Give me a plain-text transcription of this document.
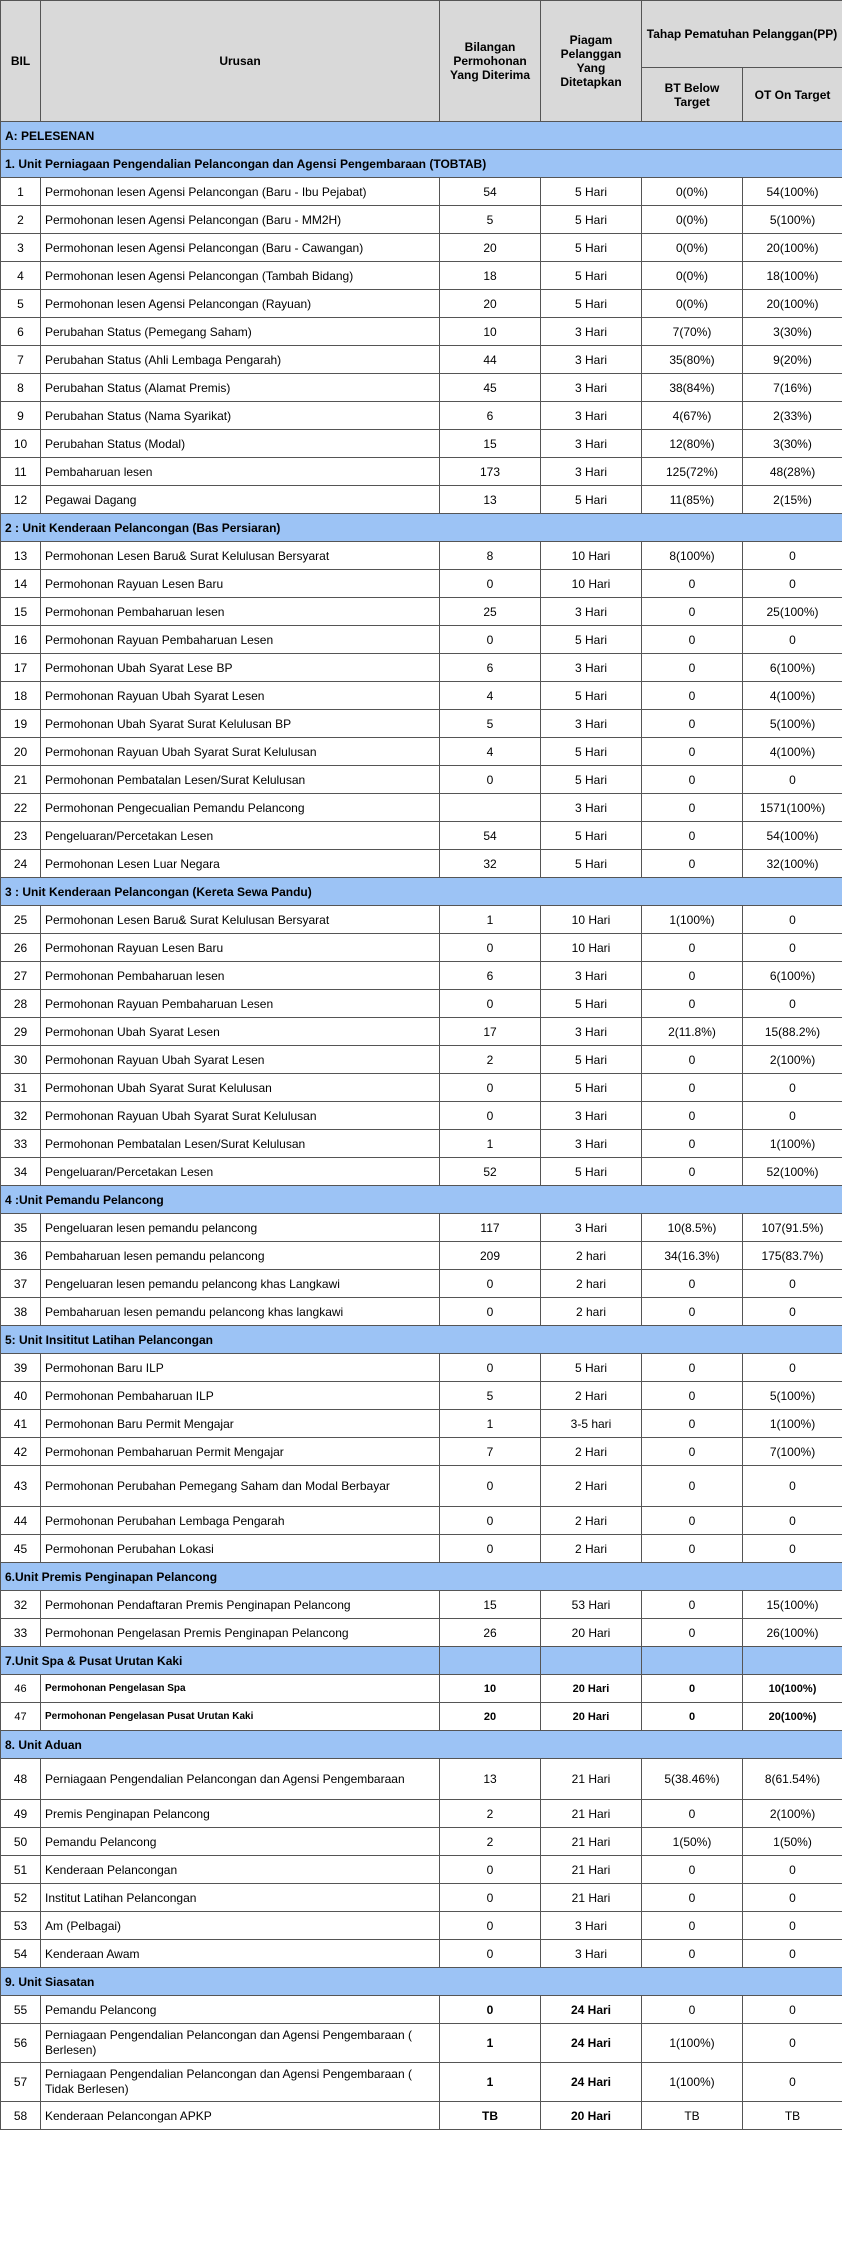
BIL	Urusan	Bilangan Permohonan Yang Diterima	Piagam Pelanggan Yang Ditetapkan	Tahap Pematuhan Pelanggan(PP)	
				BT Below Target	OT On Target
A: PELESENAN					
1. Unit Perniagaan Pengendalian Pelancongan dan Agensi Pengembaraan (TOBTAB)					
1	Permohonan lesen Agensi Pelancongan (Baru - Ibu Pejabat)	54	5 Hari	0(0%)	54(100%)
2	Permohonan lesen Agensi Pelancongan (Baru - MM2H)	5	5 Hari	0(0%)	5(100%)
3	Permohonan lesen Agensi Pelancongan (Baru - Cawangan)	20	5 Hari	0(0%)	20(100%)
4	Permohonan lesen Agensi Pelancongan (Tambah Bidang)	18	5 Hari	0(0%)	18(100%)
5	Permohonan lesen Agensi Pelancongan (Rayuan)	20	5 Hari	0(0%)	20(100%)
6	Perubahan Status (Pemegang Saham)	10	3 Hari	7(70%)	3(30%)
7	Perubahan Status (Ahli Lembaga Pengarah)	44	3 Hari	35(80%)	9(20%)
8	Perubahan Status (Alamat Premis)	45	3 Hari	38(84%)	7(16%)
9	Perubahan Status (Nama Syarikat)	6	3 Hari	4(67%)	2(33%)
10	Perubahan Status (Modal)	15	3 Hari	12(80%)	3(30%)
11	Pembaharuan lesen	173	3 Hari	125(72%)	48(28%)
12	Pegawai Dagang	13	5 Hari	11(85%)	2(15%)
2 : Unit Kenderaan Pelancongan (Bas Persiaran)					
13	Permohonan Lesen Baru& Surat Kelulusan Bersyarat	8	10 Hari	8(100%)	0
14	Permohonan Rayuan Lesen Baru	0	10 Hari	0	0
15	Permohonan Pembaharuan lesen	25	3 Hari	0	25(100%)
16	Permohonan Rayuan Pembaharuan Lesen	0	5 Hari	0	0
17	Permohonan Ubah Syarat Lese BP	6	3 Hari	0	6(100%)
18	Permohonan Rayuan Ubah Syarat Lesen	4	5 Hari	0	4(100%)
19	Permohonan Ubah Syarat Surat Kelulusan BP	5	3 Hari	0	5(100%)
20	Permohonan Rayuan Ubah Syarat Surat Kelulusan	4	5 Hari	0	4(100%)
21	Permohonan Pembatalan Lesen/Surat Kelulusan	0	5 Hari	0	0
22	Permohonan Pengecualian Pemandu Pelancong		3 Hari	0	1571(100%)
23	Pengeluaran/Percetakan Lesen	54	5 Hari	0	54(100%)
24	Permohonan Lesen Luar Negara	32	5 Hari	0	32(100%)
3 : Unit Kenderaan Pelancongan (Kereta Sewa Pandu)					
25	Permohonan Lesen Baru& Surat Kelulusan Bersyarat	1	10 Hari	1(100%)	0
26	Permohonan Rayuan Lesen Baru	0	10 Hari	0	0
27	Permohonan Pembaharuan lesen	6	3 Hari	0	6(100%)
28	Permohonan Rayuan Pembaharuan Lesen	0	5 Hari	0	0
29	Permohonan Ubah Syarat Lesen	17	3 Hari	2(11.8%)	15(88.2%)
30	Permohonan Rayuan Ubah Syarat Lesen	2	5 Hari	0	2(100%)
31	Permohonan Ubah Syarat Surat Kelulusan	0	5 Hari	0	0
32	Permohonan Rayuan Ubah Syarat Surat Kelulusan	0	3 Hari	0	0
33	Permohonan Pembatalan Lesen/Surat Kelulusan	1	3 Hari	0	1(100%)
34	Pengeluaran/Percetakan Lesen	52	5 Hari	0	52(100%)
4 :Unit Pemandu Pelancong					
35	Pengeluaran lesen pemandu pelancong	117	3 Hari	10(8.5%)	107(91.5%)
36	Pembaharuan lesen pemandu pelancong	209	2 hari	34(16.3%)	175(83.7%)
37	Pengeluaran lesen pemandu pelancong khas Langkawi	0	2 hari	0	0
38	Pembaharuan lesen pemandu pelancong khas langkawi	0	2 hari	0	0
5: Unit Insititut Latihan Pelancongan					
39	Permohonan Baru ILP	0	5 Hari	0	0
40	Permohonan Pembaharuan ILP	5	2 Hari	0	5(100%)
41	Permohonan Baru Permit Mengajar	1	3-5 hari	0	1(100%)
42	Permohonan Pembaharuan Permit Mengajar	7	2 Hari	0	7(100%)
43	Permohonan Perubahan Pemegang Saham dan Modal Berbayar	0	2 Hari	0	0
44	Permohonan Perubahan Lembaga Pengarah	0	2 Hari	0	0
45	Permohonan Perubahan Lokasi	0	2 Hari	0	0
6.Unit Premis Penginapan Pelancong					
32	Permohonan Pendaftaran Premis Penginapan Pelancong	15	53 Hari	0	15(100%)
33	Permohonan Pengelasan Premis Penginapan Pelancong	26	20 Hari	0	26(100%)
7.Unit Spa & Pusat Urutan Kaki					
46	Permohonan Pengelasan Spa	10	20 Hari	0	10(100%)
47	Permohonan Pengelasan Pusat Urutan Kaki	20	20 Hari	0	20(100%)
8. Unit Aduan					
48	Perniagaan Pengendalian Pelancongan dan Agensi Pengembaraan	13	21 Hari	5(38.46%)	8(61.54%)
49	Premis Penginapan Pelancong	2	21 Hari	0	2(100%)
50	Pemandu Pelancong	2	21 Hari	1(50%)	1(50%)
51	Kenderaan Pelancongan	0	21 Hari	0	0
52	Institut Latihan Pelancongan	0	21 Hari	0	0
53	Am (Pelbagai)	0	3 Hari	0	0
54	Kenderaan Awam	0	3 Hari	0	0
9. Unit Siasatan					
55	Pemandu Pelancong	0	24 Hari	0	0
56	Perniagaan Pengendalian Pelancongan dan Agensi Pengembaraan ( Berlesen)	1	24 Hari	1(100%)	0
57	Perniagaan Pengendalian Pelancongan dan Agensi Pengembaraan ( Tidak Berlesen)	1	24 Hari	1(100%)	0
58	Kenderaan Pelancongan APKP	TB	20 Hari	TB	TB
